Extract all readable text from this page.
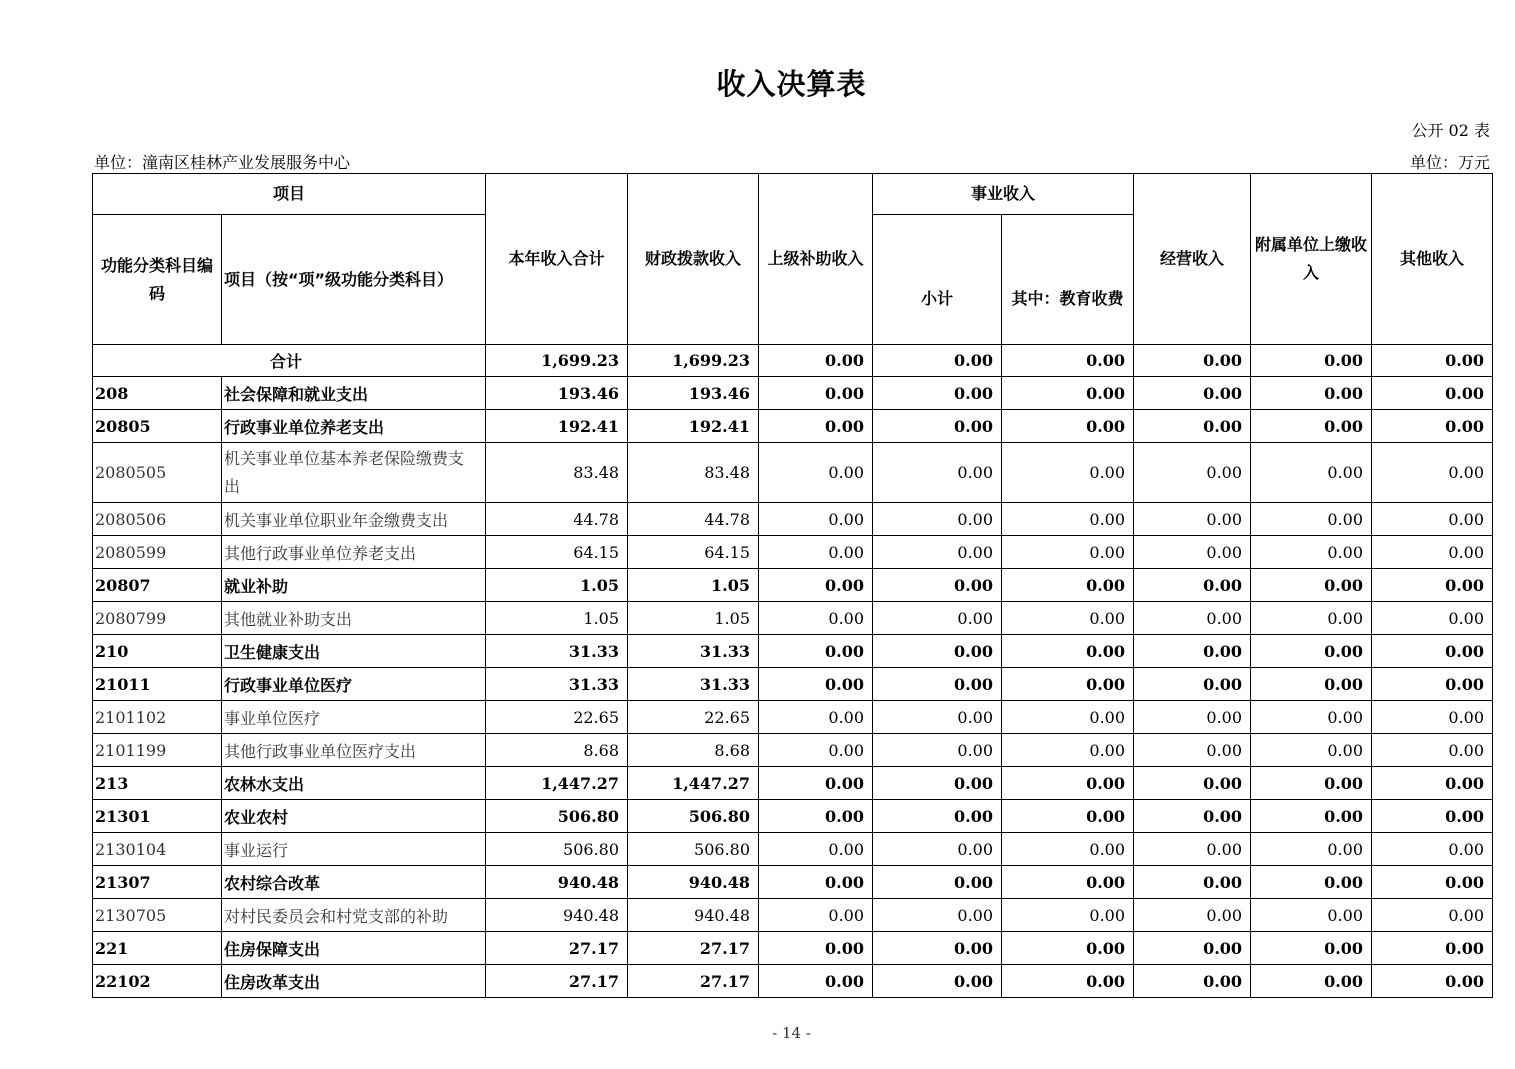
收入决算表
公开 02 表
单位：潼南区桂林产业发展服务中心	单位：万元
项目		本年收入合计	财政拨款收入	上级补助收入	事业收入		经营收入	附属单位上缴收入	其他收入
功能分类科目编码	项目（按“项”级功能分类科目）				小计	其中：教育收费			
合计		1,699.23	1,699.23	0.00	0.00	0.00	0.00	0.00	0.00
208	社会保障和就业支出	193.46	193.46	0.00	0.00	0.00	0.00	0.00	0.00
20805	行政事业单位养老支出	192.41	192.41	0.00	0.00	0.00	0.00	0.00	0.00
2080505	机关事业单位基本养老保险缴费支出	83.48	83.48	0.00	0.00	0.00	0.00	0.00	0.00
2080506	机关事业单位职业年金缴费支出	44.78	44.78	0.00	0.00	0.00	0.00	0.00	0.00
2080599	其他行政事业单位养老支出	64.15	64.15	0.00	0.00	0.00	0.00	0.00	0.00
20807	就业补助	1.05	1.05	0.00	0.00	0.00	0.00	0.00	0.00
2080799	其他就业补助支出	1.05	1.05	0.00	0.00	0.00	0.00	0.00	0.00
210	卫生健康支出	31.33	31.33	0.00	0.00	0.00	0.00	0.00	0.00
21011	行政事业单位医疗	31.33	31.33	0.00	0.00	0.00	0.00	0.00	0.00
2101102	事业单位医疗	22.65	22.65	0.00	0.00	0.00	0.00	0.00	0.00
2101199	其他行政事业单位医疗支出	8.68	8.68	0.00	0.00	0.00	0.00	0.00	0.00
213	农林水支出	1,447.27	1,447.27	0.00	0.00	0.00	0.00	0.00	0.00
21301	农业农村	506.80	506.80	0.00	0.00	0.00	0.00	0.00	0.00
2130104	事业运行	506.80	506.80	0.00	0.00	0.00	0.00	0.00	0.00
21307	农村综合改革	940.48	940.48	0.00	0.00	0.00	0.00	0.00	0.00
2130705	对村民委员会和村党支部的补助	940.48	940.48	0.00	0.00	0.00	0.00	0.00	0.00
221	住房保障支出	27.17	27.17	0.00	0.00	0.00	0.00	0.00	0.00
22102	住房改革支出	27.17	27.17	0.00	0.00	0.00	0.00	0.00	0.00
- 14 -
